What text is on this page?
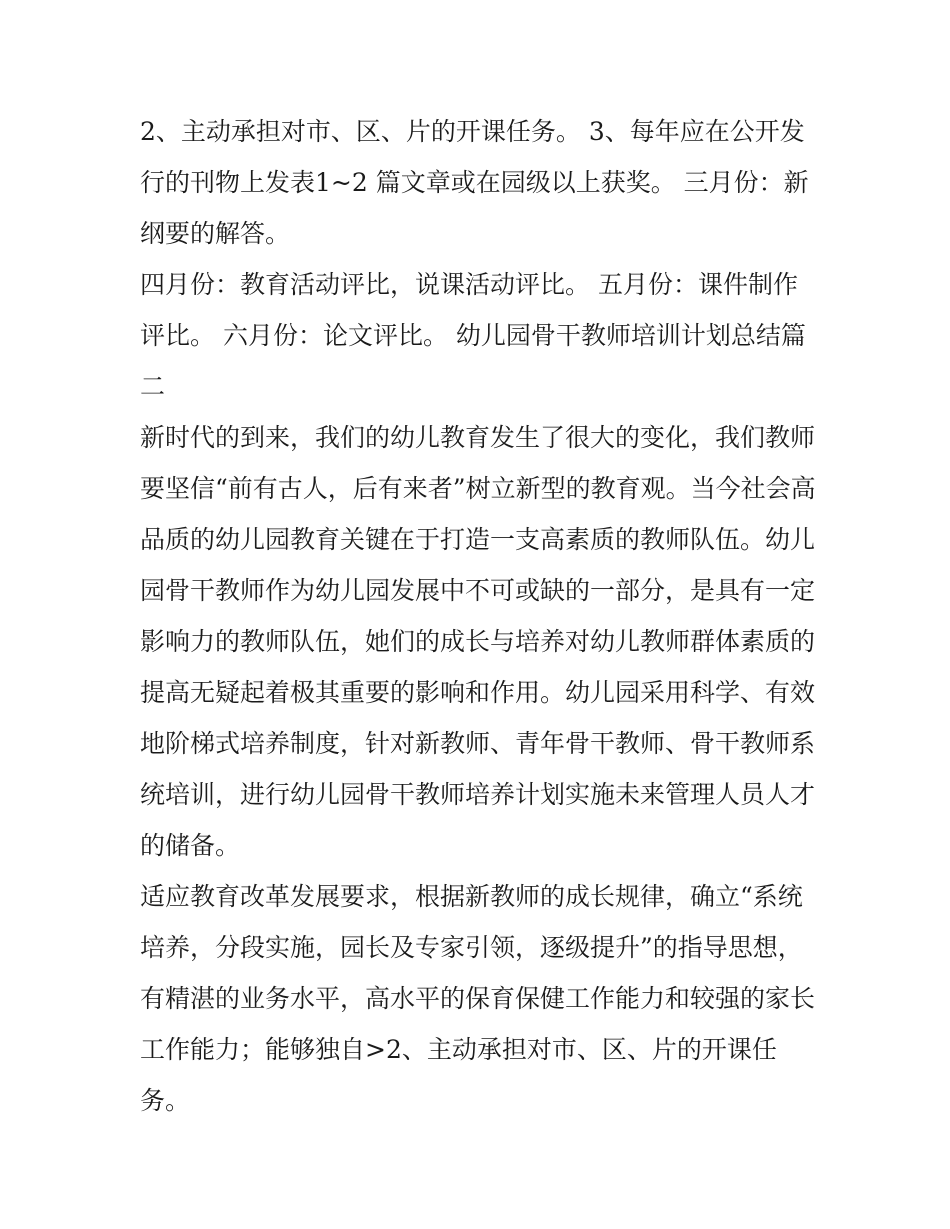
2、主动承担对市、区、片的开课任务。 3、每年应在公开发
行的刊物上发表1~2 篇文章或在园级以上获奖。 三月份：新
纲要的解答。
四月份：教育活动评比，说课活动评比。 五月份：课件制作
评比。 六月份：论文评比。 幼儿园骨干教师培训计划总结篇
二
新时代的到来，我们的幼儿教育发生了很大的变化，我们教师
要坚信“前有古人，后有来者”树立新型的教育观。当今社会高
品质的幼儿园教育关键在于打造一支高素质的教师队伍。幼儿
园骨干教师作为幼儿园发展中不可或缺的一部分，是具有一定
影响力的教师队伍，她们的成长与培养对幼儿教师群体素质的
提高无疑起着极其重要的影响和作用。幼儿园采用科学、有效
地阶梯式培养制度，针对新教师、青年骨干教师、骨干教师系
统培训，进行幼儿园骨干教师培养计划实施未来管理人员人才
的储备。
适应教育改革发展要求，根据新教师的成长规律，确立“系统
培养，分段实施，园长及专家引领，逐级提升”的指导思想，
有精湛的业务水平，高水平的保育保健工作能力和较强的家长
工作能力；能够独自>2、主动承担对市、区、片的开课任
务。
